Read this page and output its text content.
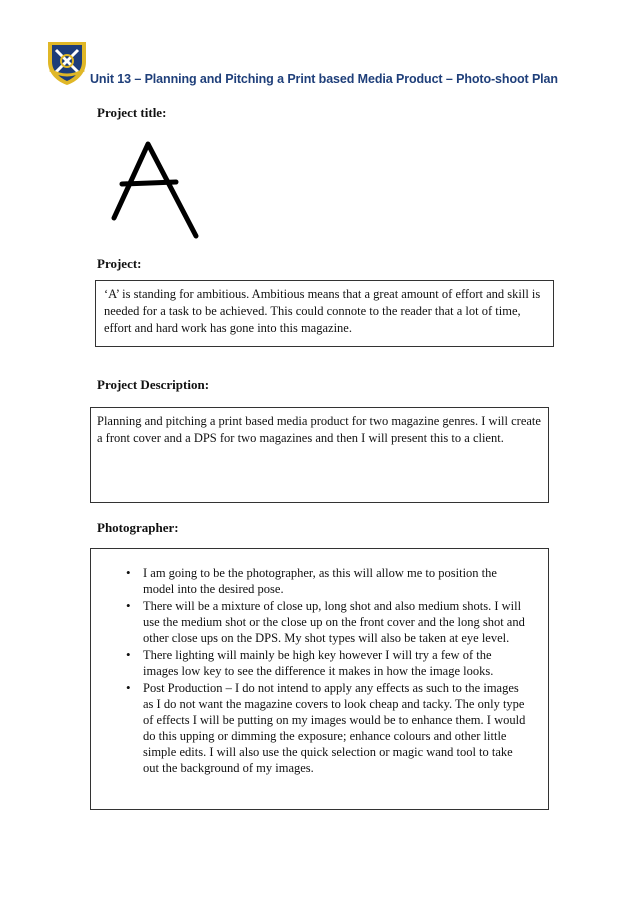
Unit 13 – Planning and Pitching a Print based Media Product – Photo-shoot Plan
Project title:
Project:
‘A’ is standing for ambitious. Ambitious means that a great amount of effort and skill is needed for a task to be achieved. This could connote to the reader that a lot of time, effort and hard work has gone into this magazine.
Project Description:
Planning and pitching a print based media product for two magazine genres. I will create a front cover and a DPS for two magazines and then I will present this to a client.
Photographer:
• I am going to be the photographer, as this will allow me to position the model into the desired pose.
• There will be a mixture of close up, long shot and also medium shots. I will use the medium shot or the close up on the front cover and the long shot and other close ups on the DPS. My shot types will also be taken at eye level.
• There lighting will mainly be high key however I will try a few of the images low key to see the difference it makes in how the image looks.
• Post Production – I do not intend to apply any effects as such to the images as I do not want the magazine covers to look cheap and tacky. The only type of effects I will be putting on my images would be to enhance them. I would do this upping or dimming the exposure; enhance colours and other little simple edits. I will also use the quick selection or magic wand tool to take out the background of my images.
